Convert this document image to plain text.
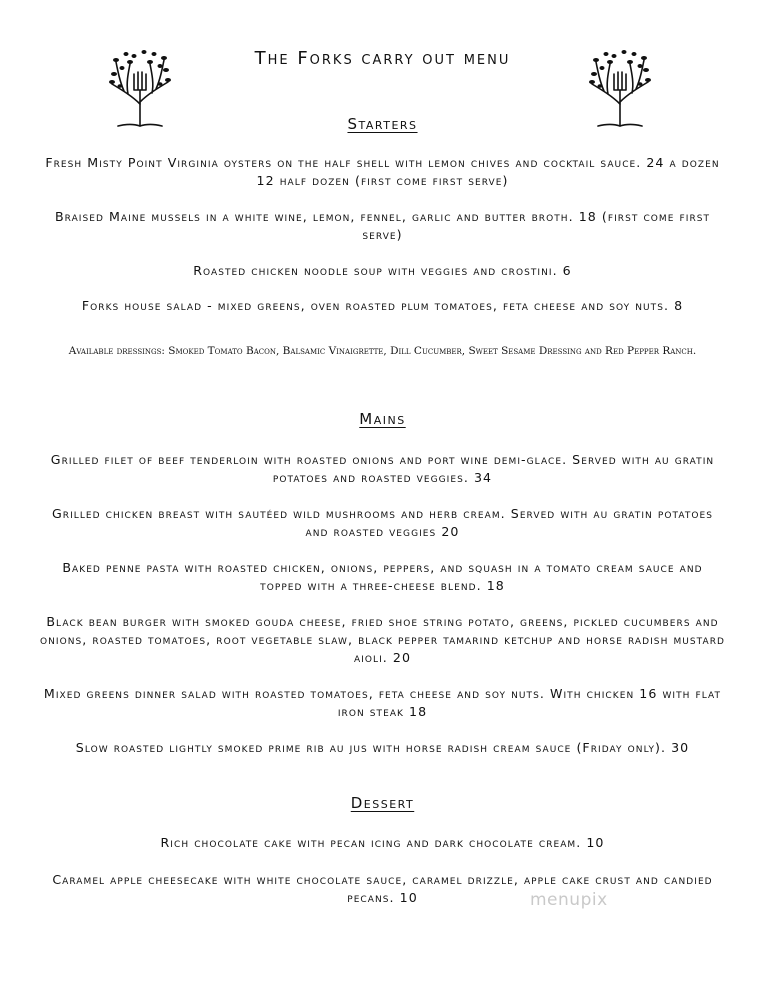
The Forks carry out menu
Starters
Fresh Misty Point Virginia oysters on the half shell with lemon chives and cocktail sauce. 24 a dozen 12 half dozen (first come first serve)
Braised Maine mussels in a white wine, lemon, fennel, garlic and butter broth. 18 (first come first serve)
Roasted chicken noodle soup with veggies and crostini. 6
Forks house salad - mixed greens, oven roasted plum tomatoes, feta cheese and soy nuts. 8
Available dressings: Smoked Tomato Bacon, Balsamic Vinaigrette, Dill Cucumber, Sweet Sesame Dressing and Red Pepper Ranch.
Mains
Grilled filet of beef tenderloin with roasted onions and port wine demi-glace. Served with au gratin potatoes and roasted veggies. 34
Grilled chicken breast with sautéed wild mushrooms and herb cream. Served with au gratin potatoes and roasted veggies 20
Baked penne pasta with roasted chicken, onions, peppers, and squash in a tomato cream sauce and topped with a three-cheese blend. 18
Black bean burger with smoked gouda cheese, fried shoe string potato, greens, pickled cucumbers and onions, roasted tomatoes, root vegetable slaw, black pepper tamarind ketchup and horse radish mustard aioli. 20
Mixed greens dinner salad with roasted tomatoes, feta cheese and soy nuts. With chicken 16 with flat iron steak 18
Slow roasted lightly smoked prime rib au jus with horse radish cream sauce (Friday only). 30
Dessert
Rich chocolate cake with pecan icing and dark chocolate cream. 10
Caramel apple cheesecake with white chocolate sauce, caramel drizzle, apple cake crust and candied pecans. 10	menupix
